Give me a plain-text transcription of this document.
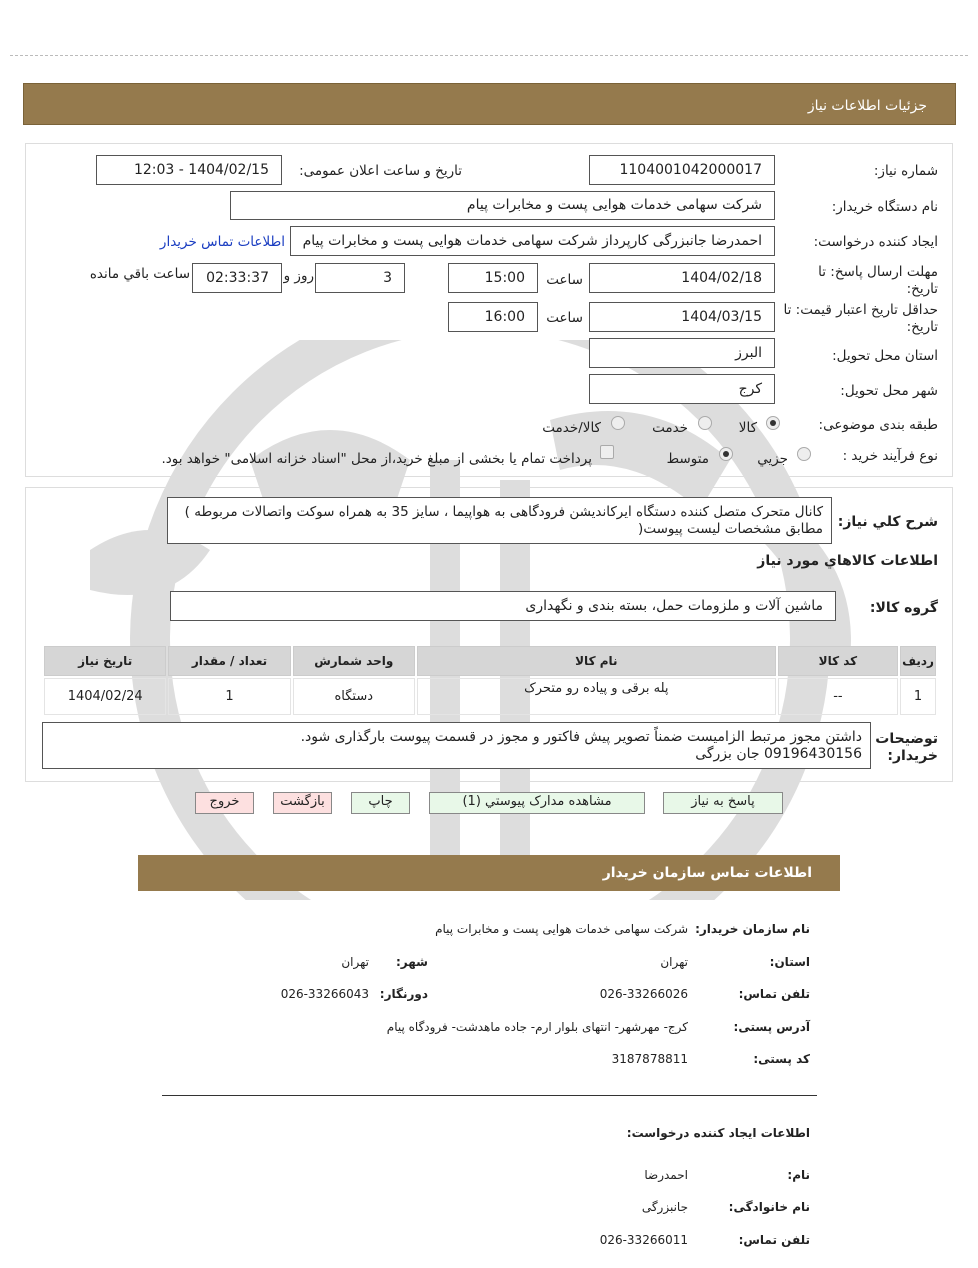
جزئیات اطلاعات نیاز
شماره نیاز:
1104001042000017
تاریخ و ساعت اعلان عمومی:
1404/02/15 - 12:03
نام دستگاه خریدار:
شرکت سهامی خدمات هوایی پست و مخابرات پیام
ایجاد کننده درخواست:
احمدرضا جانبزرگی کارپرداز شرکت سهامی خدمات هوایی پست و مخابرات پیام
اطلاعات تماس خریدار
مهلت ارسال پاسخ: تا تاریخ:
1404/02/18
ساعت
15:00
3
روز و
02:33:37
ساعت باقي مانده
حداقل تاریخ اعتبار قیمت: تا تاریخ:
1404/03/15
ساعت
16:00
استان محل تحویل:
البرز
شهر محل تحویل:
کرج
طبقه بندی موضوعی:
کالا
خدمت
کالا/خدمت
نوع فرآیند خرید :
جزيي
متوسط
پرداخت تمام یا بخشی از مبلغ خرید،از محل "اسناد خزانه اسلامی" خواهد بود.
شرح کلي نياز:
کانال متحرک متصل کننده دستگاه ایرکاندیشن فرودگاهی به هواپیما ، سایز 35 به همراه سوکت واتصالات مربوطه ) مطابق مشخصات لیست پیوست(
اطلاعات کالاهاي مورد نياز
گروه کالا:
ماشین آلات و ملزومات حمل، بسته بندی و نگهداری
رديف	کد کالا	نام کالا	واحد شمارش	تعداد / مقدار	تاريخ نياز
1	--	پله برقی و پیاده رو متحرک	دستگاه	1	1404/02/24
توضیحات خریدار:
داشتن مجوز مرتبط الزامیست ضمناً تصویر پیش فاکتور و مجوز در قسمت پیوست بارگذاری شود.
09196430156 جان بزرگی
پاسخ به نیاز
مشاهده مدارک پیوستي (1)
چاپ
بازگشت
خروج
اطلاعات تماس سازمان خریدار
نام سازمان خریدار:
شرکت سهامی خدمات هوایی پست و مخابرات پیام
استان:
تهران
شهر:
تهران
تلفن تماس:
026-33266026
دورنگار:
026-33266043
آدرس پستی:
کرج- مهرشهر- انتهای بلوار ارم- جاده ماهدشت- فرودگاه پیام
کد پستی:
3187878811
اطلاعات ایجاد کننده درخواست:
نام:
احمدرضا
نام خانوادگی:
جانبزرگی
تلفن تماس:
026-33266011
